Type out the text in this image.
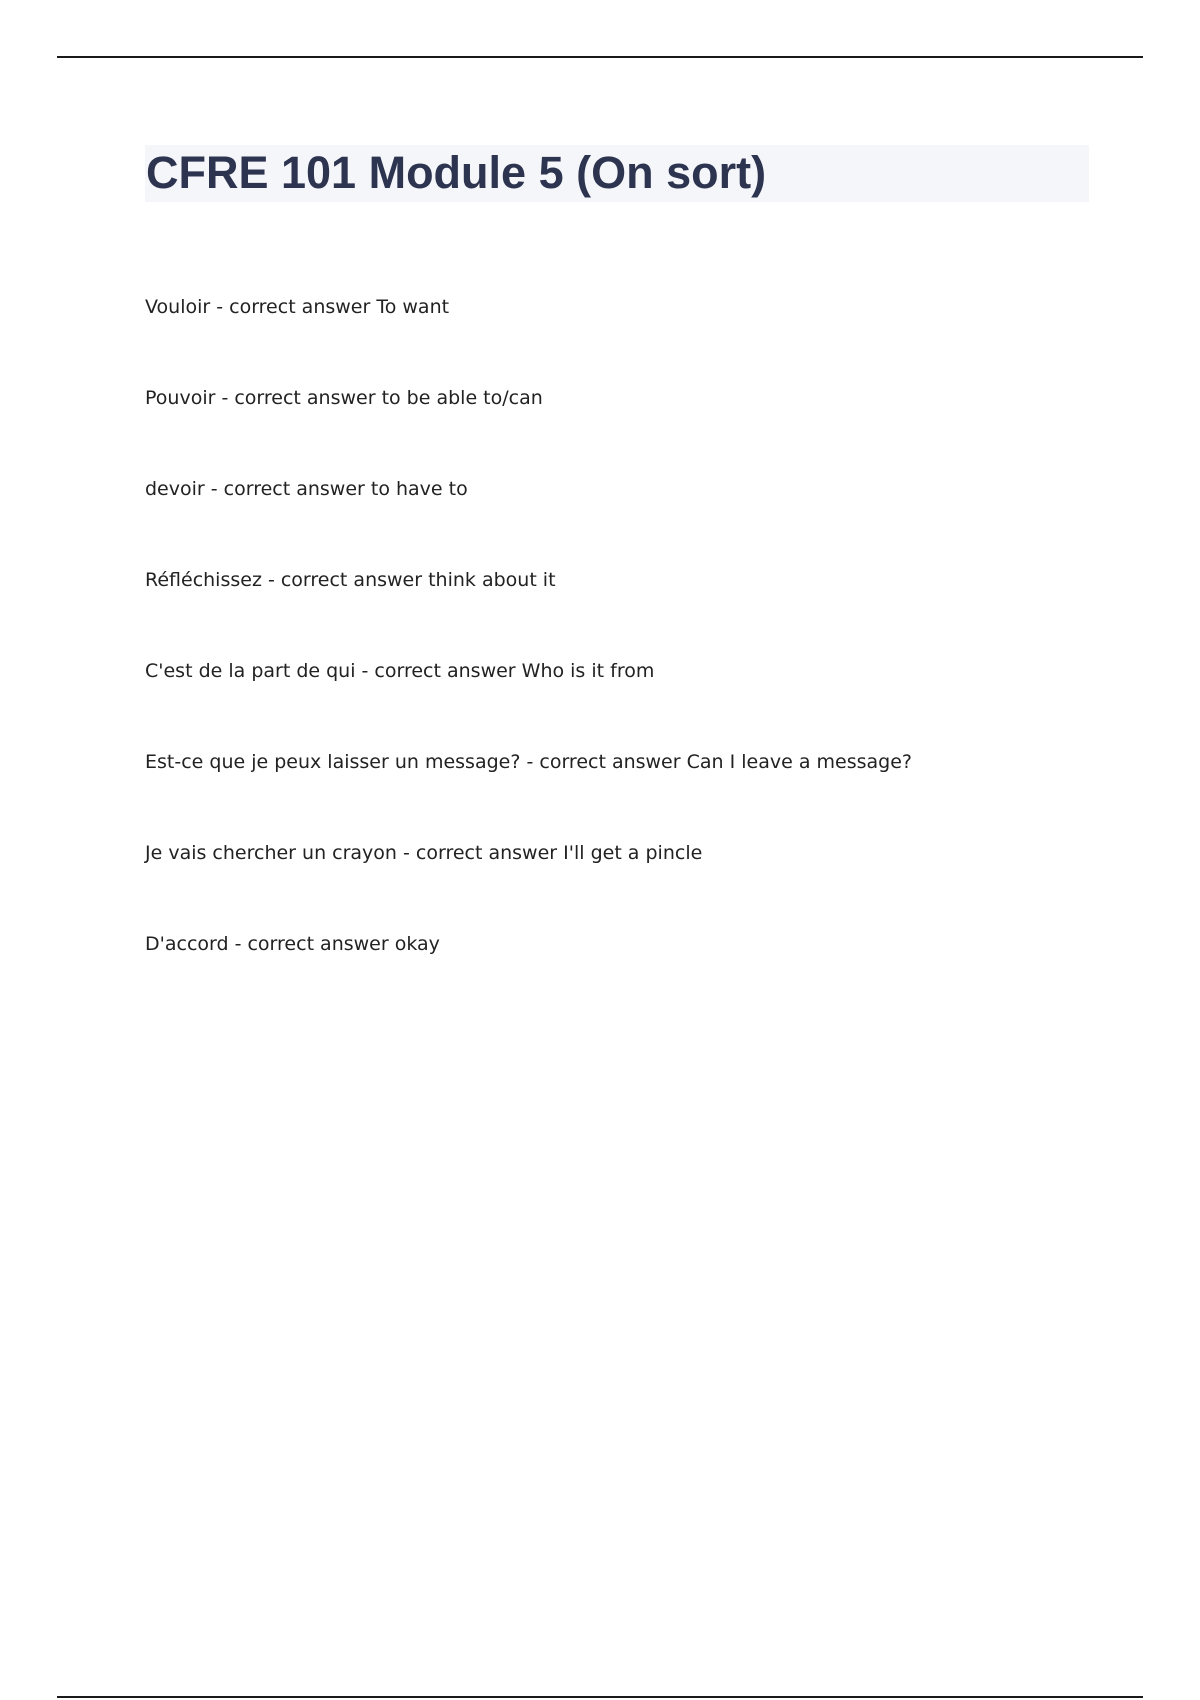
CFRE 101 Module 5 (On sort)
Vouloir - correct answer To want
Pouvoir - correct answer to be able to/can
devoir - correct answer to have to
Réfléchissez - correct answer think about it
C'est de la part de qui - correct answer Who is it from
Est-ce que je peux laisser un message? - correct answer Can I leave a message?
Je vais chercher un crayon - correct answer I'll get a pincle
D'accord - correct answer okay
